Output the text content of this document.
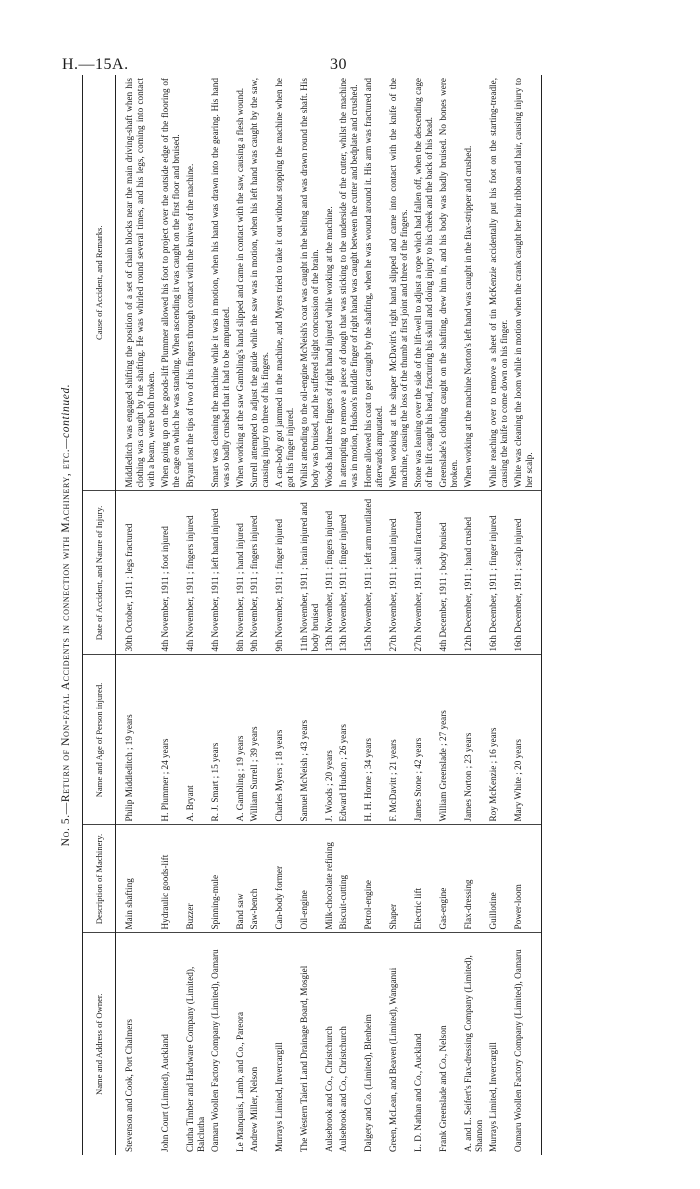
H.—15A.	30
No. 5.—Return of Non-fatal Accidents in connection with Machinery, etc.—continued.
Name and Address of Owner.	Description of Machinery.	Name and Age of Person injured.	Date of Accident, and Nature of Injury.	Cause of Accident, and Remarks.
Stevenson and Cook, Port Chalmers	Main shafting	Philip Middleditch ; 19 years	30th October, 1911 ; legs fractured	Middleditch was engaged shifting the position of a set of chain blocks near the main driving-shaft when his clothing was caught by the shafting. He was whirled round several times, and his legs, coming into contact with a beam, were both broken.
John Court (Limited), Auckland	Hydraulic goods-lift	H. Plummer ; 24 years	4th November, 1911 ; foot injured	When going up on the goods-lift Plummer allowed his foot to project over the outside edge of the flooring of the cage on which he was standing. When ascending it was caught on the first floor and bruised.
Clutha Timber and Hardware Company (Limited), Balclutha	Buzzer	A. Bryant	4th November, 1911 ; fingers injured	Bryant lost the tips of two of his fingers through contact with the knives of the machine.
Oamaru Woollen Factory Company (Limited), Oamaru	Spinning-mule	R. J. Smart ; 15 years	4th November, 1911 ; left hand injured	Smart was cleaning the machine while it was in motion, when his hand was drawn into the gearing. His hand was so badly crushed that it had to be amputated.
Le Manquais, Lamb, and Co., Pareora	Band saw	A. Gambling ; 19 years	8th November, 1911 ; hand injured	When working at the saw Gambling's hand slipped and came in contact with the saw, causing a flesh wound.
Andrew Miller, Nelson	Saw-bench	William Surrell ; 39 years	9th November, 1911 ; fingers injured	Surrell attempted to adjust the guide while the saw was in motion, when his left hand was caught by the saw, causing injury to three of his fingers.
Murrays Limited, Invercargill	Can-body former	Charles Myers ; 18 years	9th November, 1911 ; finger injured	A can-body got jammed in the machine, and Myers tried to take it out without stopping the machine when he got his finger injured.
The Western Taieri Land Drainage Board, Mosgiel	Oil-engine	Samuel McNeish ; 43 years	11th November, 1911 ; brain injured and body bruised	Whilst attending to the oil-engine McNeish's coat was caught in the belting and was drawn round the shaft. His body was bruised, and he suffered slight concussion of the brain.
Aulsebrook and Co., Christchurch	Milk-chocolate refining	J. Woods ; 20 years	13th November, 1911 ; fingers injured	Woods had three fingers of right hand injured while working at the machine.
Aulsebrook and Co., Christchurch	Biscuit-cutting	Edward Hudson ; 26 years	13th November, 1911 ; finger injured	In attempting to remove a piece of dough that was sticking to the underside of the cutter, whilst the machine was in motion, Hudson's middle finger of right hand was caught between the cutter and bedplate and crushed.
Dalgety and Co. (Limited), Blenheim	Petrol-engine	H. H. Horne ; 34 years	15th November, 1911 ; left arm mutilated	Horne allowed his coat to get caught by the shafting, when he was wound around it. His arm was fractured and afterwards amputated.
Green, McLean, and Beaven (Limited), Wanganui	Shaper	F. McDavitt ; 21 years	27th November, 1911 ; hand injured	When working at the shaper McDavitt's right hand slipped and came into contact with the knife of the machine, causing the loss of the thumb at first joint and three of the fingers.
L. D. Nathan and Co., Auckland	Electric lift	James Stone ; 42 years	27th November, 1911 ; skull fractured	Stone was leaning over the side of the lift-well to adjust a rope which had fallen off, when the descending cage of the lift caught his head, fracturing his skull and doing injury to his cheek and the back of his head.
Frank Greenslade and Co., Nelson	Gas-engine	William Greenslade ; 27 years	4th December, 1911 ; body bruised	Greenslade's clothing caught on the shafting, drew him in, and his body was badly bruised. No bones were broken.
A. and L. Seifert's Flax-dressing Company (Limited), Shannon	Flax-dressing	James Norton ; 23 years	12th December, 1911 ; hand crushed	When working at the machine Norton's left hand was caught in the flax-stripper and crushed.
Murrays Limited, Invercargill	Guillotine	Roy McKenzie ; 16 years	16th December, 1911 ; finger injured	While reaching over to remove a sheet of tin McKenzie accidentally put his foot on the starting-treadle, causing the knife to come down on his finger.
Oamaru Woollen Factory Company (Limited), Oamaru	Power-loom	Mary White ; 20 years	16th December, 1911 ; scalp injured	White was cleaning the loom while in motion when the crank caught her hair ribbon and hair, causing injury to her scalp.
